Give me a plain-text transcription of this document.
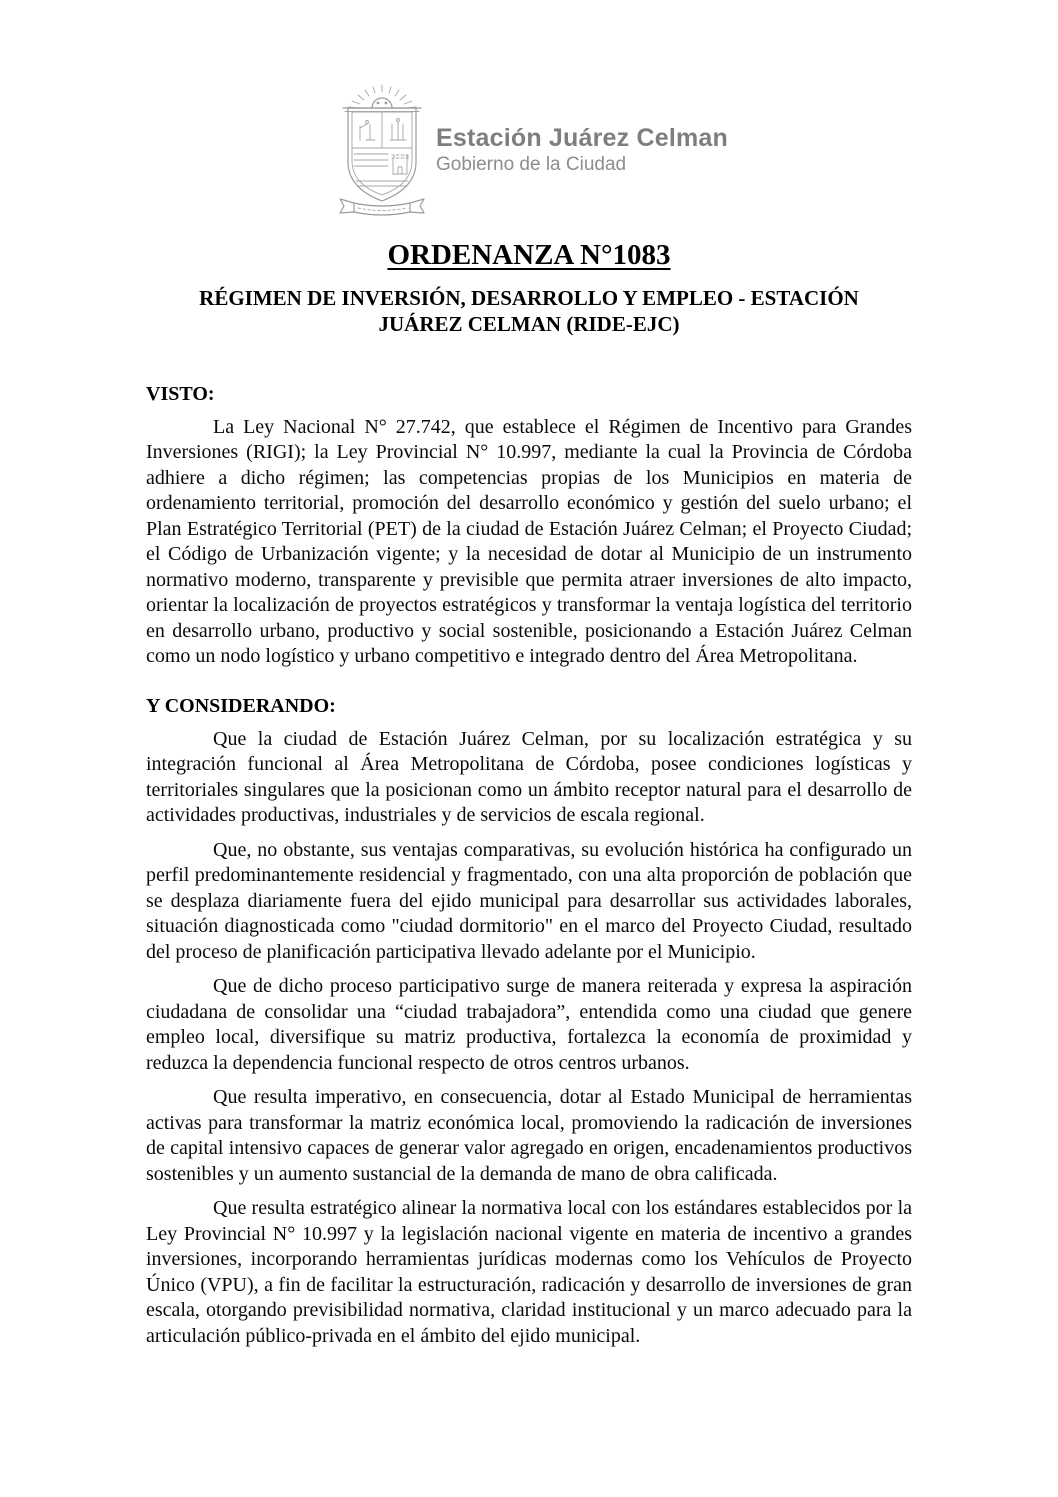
Estación Juárez Celman
Gobierno de la Ciudad
ORDENANZA N°1083
RÉGIMEN DE INVERSIÓN, DESARROLLO Y EMPLEO - ESTACIÓN
JUÁREZ CELMAN (RIDE-EJC)
VISTO:

La Ley Nacional N° 27.742, que establece el Régimen de Incentivo para Grandes Inversiones (RIGI); la Ley Provincial N° 10.997, mediante la cual la Provincia de Córdoba adhiere a dicho régimen; las competencias propias de los Municipios en materia de ordenamiento territorial, promoción del desarrollo económico y gestión del suelo urbano; el Plan Estratégico Territorial (PET) de la ciudad de Estación Juárez Celman; el Proyecto Ciudad; el Código de Urbanización vigente; y la necesidad de dotar al Municipio de un instrumento normativo moderno, transparente y previsible que permita atraer inversiones de alto impacto, orientar la localización de proyectos estratégicos y transformar la ventaja logística del territorio en desarrollo urbano, productivo y social sostenible, posicionando a Estación Juárez Celman como un nodo logístico y urbano competitivo e integrado dentro del Área Metropolitana.

Y CONSIDERANDO:

Que la ciudad de Estación Juárez Celman, por su localización estratégica y su integración funcional al Área Metropolitana de Córdoba, posee condiciones logísticas y territoriales singulares que la posicionan como un ámbito receptor natural para el desarrollo de actividades productivas, industriales y de servicios de escala regional.

Que, no obstante, sus ventajas comparativas, su evolución histórica ha configurado un perfil predominantemente residencial y fragmentado, con una alta proporción de población que se desplaza diariamente fuera del ejido municipal para desarrollar sus actividades laborales, situación diagnosticada como "ciudad dormitorio" en el marco del Proyecto Ciudad, resultado del proceso de planificación participativa llevado adelante por el Municipio.

Que de dicho proceso participativo surge de manera reiterada y expresa la aspiración ciudadana de consolidar una “ciudad trabajadora”, entendida como una ciudad que genere empleo local, diversifique su matriz productiva, fortalezca la economía de proximidad y reduzca la dependencia funcional respecto de otros centros urbanos.

Que resulta imperativo, en consecuencia, dotar al Estado Municipal de herramientas activas para transformar la matriz económica local, promoviendo la radicación de inversiones de capital intensivo capaces de generar valor agregado en origen, encadenamientos productivos sostenibles y un aumento sustancial de la demanda de mano de obra calificada.

Que resulta estratégico alinear la normativa local con los estándares establecidos por la Ley Provincial N° 10.997 y la legislación nacional vigente en materia de incentivo a grandes inversiones, incorporando herramientas jurídicas modernas como los Vehículos de Proyecto Único (VPU), a fin de facilitar la estructuración, radicación y desarrollo de inversiones de gran escala, otorgando previsibilidad normativa, claridad institucional y un marco adecuado para la articulación público-privada en el ámbito del ejido municipal.
